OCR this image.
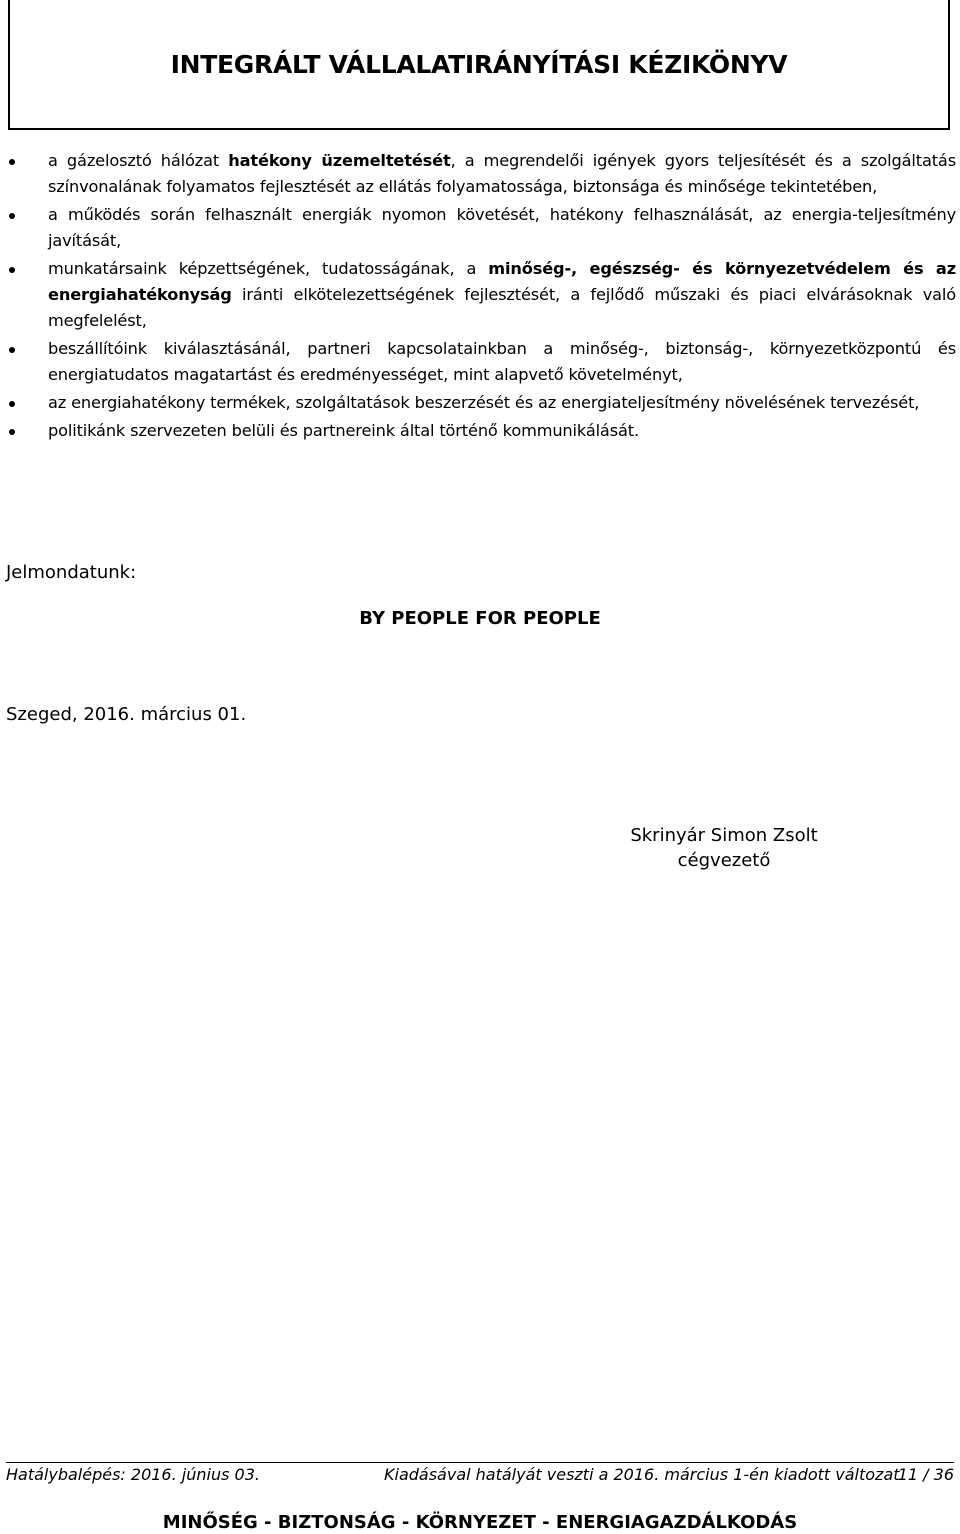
INTEGRÁLT VÁLLALATIRÁNYÍTÁSI KÉZIKÖNYV
a gázelosztó hálózat hatékony üzemeltetését, a megrendelői igények gyors teljesítését és a szolgáltatás színvonalának folyamatos fejlesztését az ellátás folyamatossága, biztonsága és minősége tekintetében,
a működés során felhasznált energiák nyomon követését, hatékony felhasználását, az energia-teljesítmény javítását,
munkatársaink képzettségének, tudatosságának, a minőség-, egészség- és környezetvédelem és az energiahatékonyság iránti elkötelezettségének fejlesztését, a fejlődő műszaki és piaci elvárásoknak való megfelelést,
beszállítóink kiválasztásánál, partneri kapcsolatainkban a minőség-, biztonság-, környezetközpontú és energiatudatos magatartást és eredményességet, mint alapvető követelményt,
az energiahatékony termékek, szolgáltatások beszerzését és az energiateljesítmény növelésének tervezését,
politikánk szervezeten belüli és partnereink által történő kommunikálását.
Jelmondatunk:
BY PEOPLE FOR PEOPLE
Szeged, 2016. március 01.
Skrinyár Simon Zsolt
cégvezető
Hatálybalépés: 2016. június 03.	Kiadásával hatályát veszti a 2016. március 1-én kiadott változat
11 / 36
MINŐSÉG - BIZTONSÁG - KÖRNYEZET - ENERGIAGAZDÁLKODÁS
